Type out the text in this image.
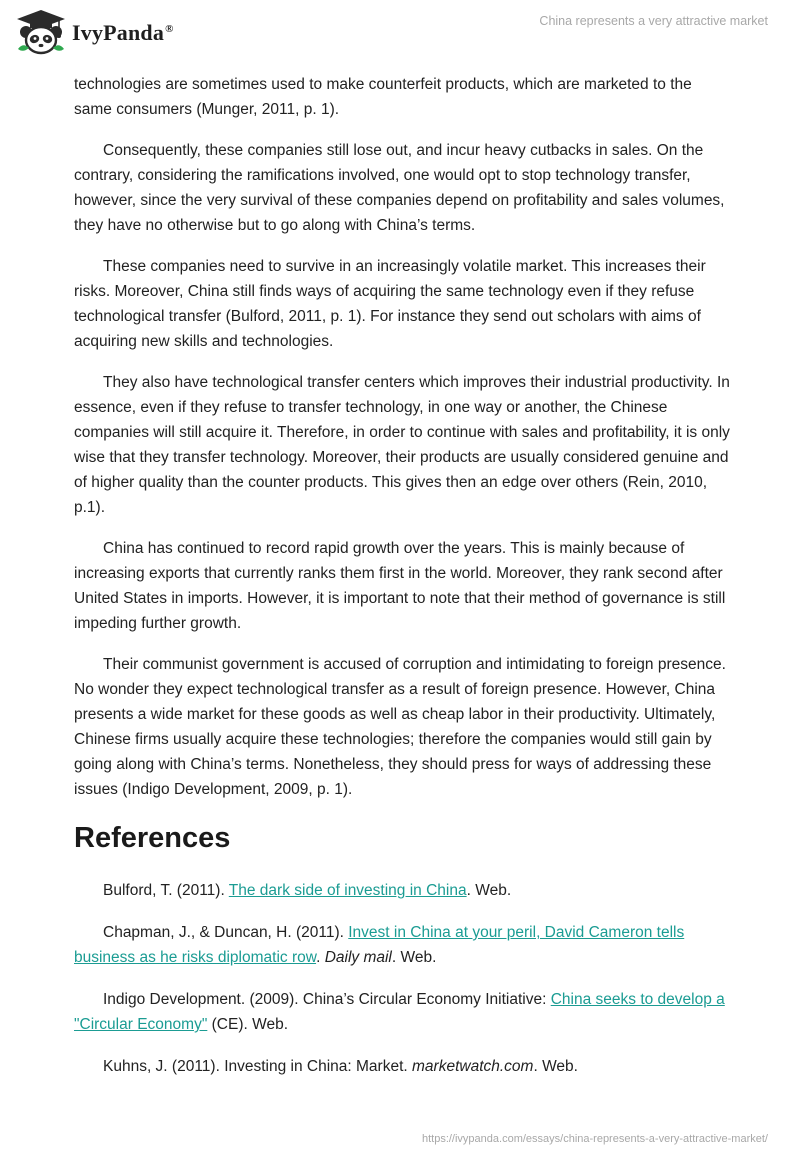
IvyPanda®
China represents a very attractive market

technologies are sometimes used to make counterfeit products, which are marketed to the same consumers (Munger, 2011, p. 1).

Consequently, these companies still lose out, and incur heavy cutbacks in sales. On the contrary, considering the ramifications involved, one would opt to stop technology transfer, however, since the very survival of these companies depend on profitability and sales volumes, they have no otherwise but to go along with China’s terms.

These companies need to survive in an increasingly volatile market. This increases their risks. Moreover, China still finds ways of acquiring the same technology even if they refuse technological transfer (Bulford, 2011, p. 1). For instance they send out scholars with aims of acquiring new skills and technologies.

They also have technological transfer centers which improves their industrial productivity. In essence, even if they refuse to transfer technology, in one way or another, the Chinese companies will still acquire it. Therefore, in order to continue with sales and profitability, it is only wise that they transfer technology. Moreover, their products are usually considered genuine and of higher quality than the counter products. This gives then an edge over others (Rein, 2010, p.1).

China has continued to record rapid growth over the years. This is mainly because of increasing exports that currently ranks them first in the world. Moreover, they rank second after United States in imports. However, it is important to note that their method of governance is still impeding further growth.

Their communist government is accused of corruption and intimidating to foreign presence. No wonder they expect technological transfer as a result of foreign presence. However, China presents a wide market for these goods as well as cheap labor in their productivity. Ultimately, Chinese firms usually acquire these technologies; therefore the companies would still gain by going along with China’s terms. Nonetheless, they should press for ways of addressing these issues (Indigo Development, 2009, p. 1).

References

Bulford, T. (2011). The dark side of investing in China. Web.

Chapman, J., & Duncan, H. (2011). Invest in China at your peril, David Cameron tells business as he risks diplomatic row. Daily mail. Web.

Indigo Development. (2009). China’s Circular Economy Initiative: China seeks to develop a "Circular Economy" (CE). Web.

Kuhns, J. (2011). Investing in China: Market. marketwatch.com. Web.

https://ivypanda.com/essays/china-represents-a-very-attractive-market/
